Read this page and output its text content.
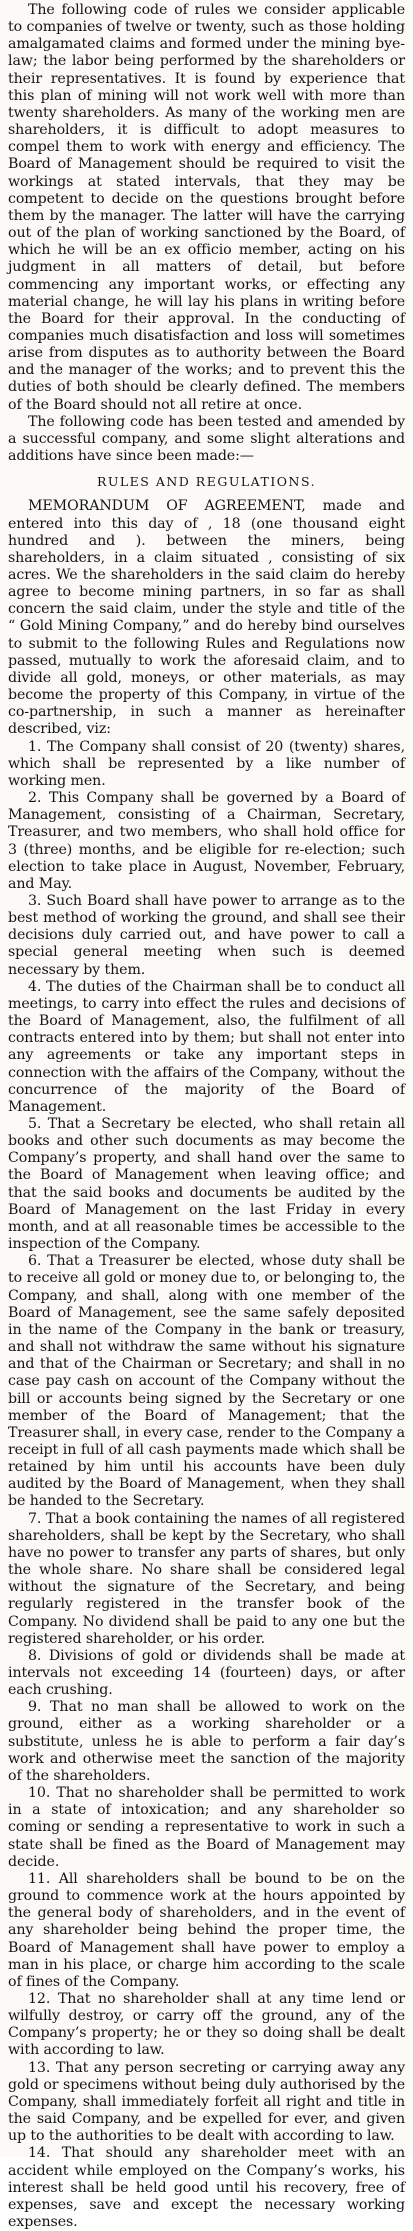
The following code of rules we consider applicable to companies of twelve or twenty, such as those holding amalgamated claims and formed under the mining bye-law; the labor being performed by the shareholders or their representatives. It is found by experience that this plan of mining will not work well with more than twenty shareholders. As many of the working men are shareholders, it is difficult to adopt measures to compel them to work with energy and efficiency. The Board of Management should be required to visit the workings at stated intervals, that they may be competent to decide on the questions brought before them by the manager. The latter will have the carrying out of the plan of working sanctioned by the Board, of which he will be an ex officio member, acting on his judgment in all matters of detail, but before commencing any important works, or effecting any material change, he will lay his plans in writing before the Board for their approval. In the conducting of companies much disatisfaction and loss will sometimes arise from disputes as to authority between the Board and the manager of the works; and to prevent this the duties of both should be clearly defined. The members of the Board should not all retire at once.

The following code has been tested and amended by a successful company, and some slight alterations and additions have since been made:—

RULES AND REGULATIONS.

MEMORANDUM OF AGREEMENT, made and entered into this day of , 18 (one thousand eight hundred and ). between the miners, being shareholders, in a claim situated , consisting of six acres. We the shareholders in the said claim do hereby agree to become mining partners, in so far as shall concern the said claim, under the style and title of the “ Gold Mining Company,” and do hereby bind ourselves to submit to the following Rules and Regulations now passed, mutually to work the aforesaid claim, and to divide all gold, moneys, or other materials, as may become the property of this Company, in virtue of the co-partnership, in such a manner as hereinafter described, viz:

1. The Company shall consist of 20 (twenty) shares, which shall be represented by a like number of working men.

2. This Company shall be governed by a Board of Management, consisting of a Chairman, Secretary, Treasurer, and two members, who shall hold office for 3 (three) months, and be eligible for re-election; such election to take place in August, November, February, and May.

3. Such Board shall have power to arrange as to the best method of working the ground, and shall see their decisions duly carried out, and have power to call a special general meeting when such is deemed necessary by them.

4. The duties of the Chairman shall be to conduct all meetings, to carry into effect the rules and decisions of the Board of Management, also, the fulfilment of all contracts entered into by them; but shall not enter into any agreements or take any important steps in connection with the affairs of the Company, without the concurrence of the majority of the Board of Management.

5. That a Secretary be elected, who shall retain all books and other such documents as may become the Company’s property, and shall hand over the same to the Board of Management when leaving office; and that the said books and documents be audited by the Board of Management on the last Friday in every month, and at all reasonable times be accessible to the inspection of the Company.

6. That a Treasurer be elected, whose duty shall be to receive all gold or money due to, or belonging to, the Company, and shall, along with one member of the Board of Management, see the same safely deposited in the name of the Company in the bank or treasury, and shall not withdraw the same without his signature and that of the Chairman or Secretary; and shall in no case pay cash on account of the Company without the bill or accounts being signed by the Secretary or one member of the Board of Management; that the Treasurer shall, in every case, render to the Company a receipt in full of all cash payments made which shall be retained by him until his accounts have been duly audited by the Board of Management, when they shall be handed to the Secretary.

7. That a book containing the names of all registered shareholders, shall be kept by the Secretary, who shall have no power to transfer any parts of shares, but only the whole share. No share shall be considered legal without the signature of the Secretary, and being regularly registered in the transfer book of the Company. No dividend shall be paid to any one but the registered shareholder, or his order.

8. Divisions of gold or dividends shall be made at intervals not exceeding 14 (fourteen) days, or after each crushing.

9. That no man shall be allowed to work on the ground, either as a working shareholder or a substitute, unless he is able to perform a fair day’s work and otherwise meet the sanction of the majority of the shareholders.

10. That no shareholder shall be permitted to work in a state of intoxication; and any shareholder so coming or sending a representative to work in such a state shall be fined as the Board of Management may decide.

11. All shareholders shall be bound to be on the ground to commence work at the hours appointed by the general body of shareholders, and in the event of any shareholder being behind the proper time, the Board of Management shall have power to employ a man in his place, or charge him according to the scale of fines of the Company.

12. That no shareholder shall at any time lend or wilfully destroy, or carry off the ground, any of the Company’s property; he or they so doing shall be dealt with according to law.

13. That any person secreting or carrying away any gold or specimens without being duly authorised by the Company, shall immediately forfeit all right and title in the said Company, and be expelled for ever, and given up to the authorities to be dealt with according to law.

14. That should any shareholder meet with an accident while employed on the Company’s works, his interest shall be held good until his recovery, free of expenses, save and except the necessary working expenses.
